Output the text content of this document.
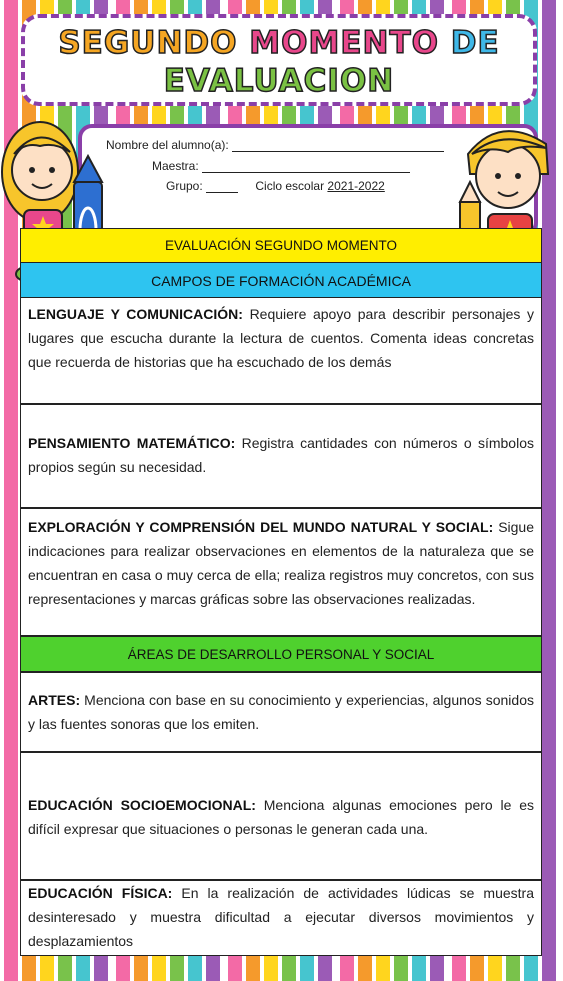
SEGUNDO MOMENTO DE
EVALUACION
Nombre del alumno(a):
Maestra:
Grupo:	Ciclo escolar 2021-2022
EVALUACIÓN SEGUNDO MOMENTO
CAMPOS DE FORMACIÓN ACADÉMICA
LENGUAJE Y COMUNICACIÓN: Requiere apoyo para describir personajes y lugares que escucha durante la lectura de cuentos. Comenta ideas concretas que recuerda de historias que ha escuchado de los demás
PENSAMIENTO MATEMÁTICO: Registra cantidades con números o símbolos propios según su necesidad.
EXPLORACIÓN Y COMPRENSIÓN DEL MUNDO NATURAL Y SOCIAL: Sigue indicaciones para realizar observaciones en elementos de la naturaleza que se encuentran en casa o muy cerca de ella; realiza registros muy concretos, con sus representaciones y marcas gráficas sobre las observaciones realizadas.
ÁREAS DE DESARROLLO PERSONAL Y SOCIAL
ARTES: Menciona con base en su conocimiento y experiencias, algunos sonidos y las fuentes sonoras que los emiten.
EDUCACIÓN SOCIOEMOCIONAL: Menciona algunas emociones pero le es difícil expresar que situaciones o personas le generan cada una.
EDUCACIÓN FÍSICA: En la realización de actividades lúdicas se muestra desinteresado y muestra dificultad a ejecutar diversos movimientos y desplazamientos
